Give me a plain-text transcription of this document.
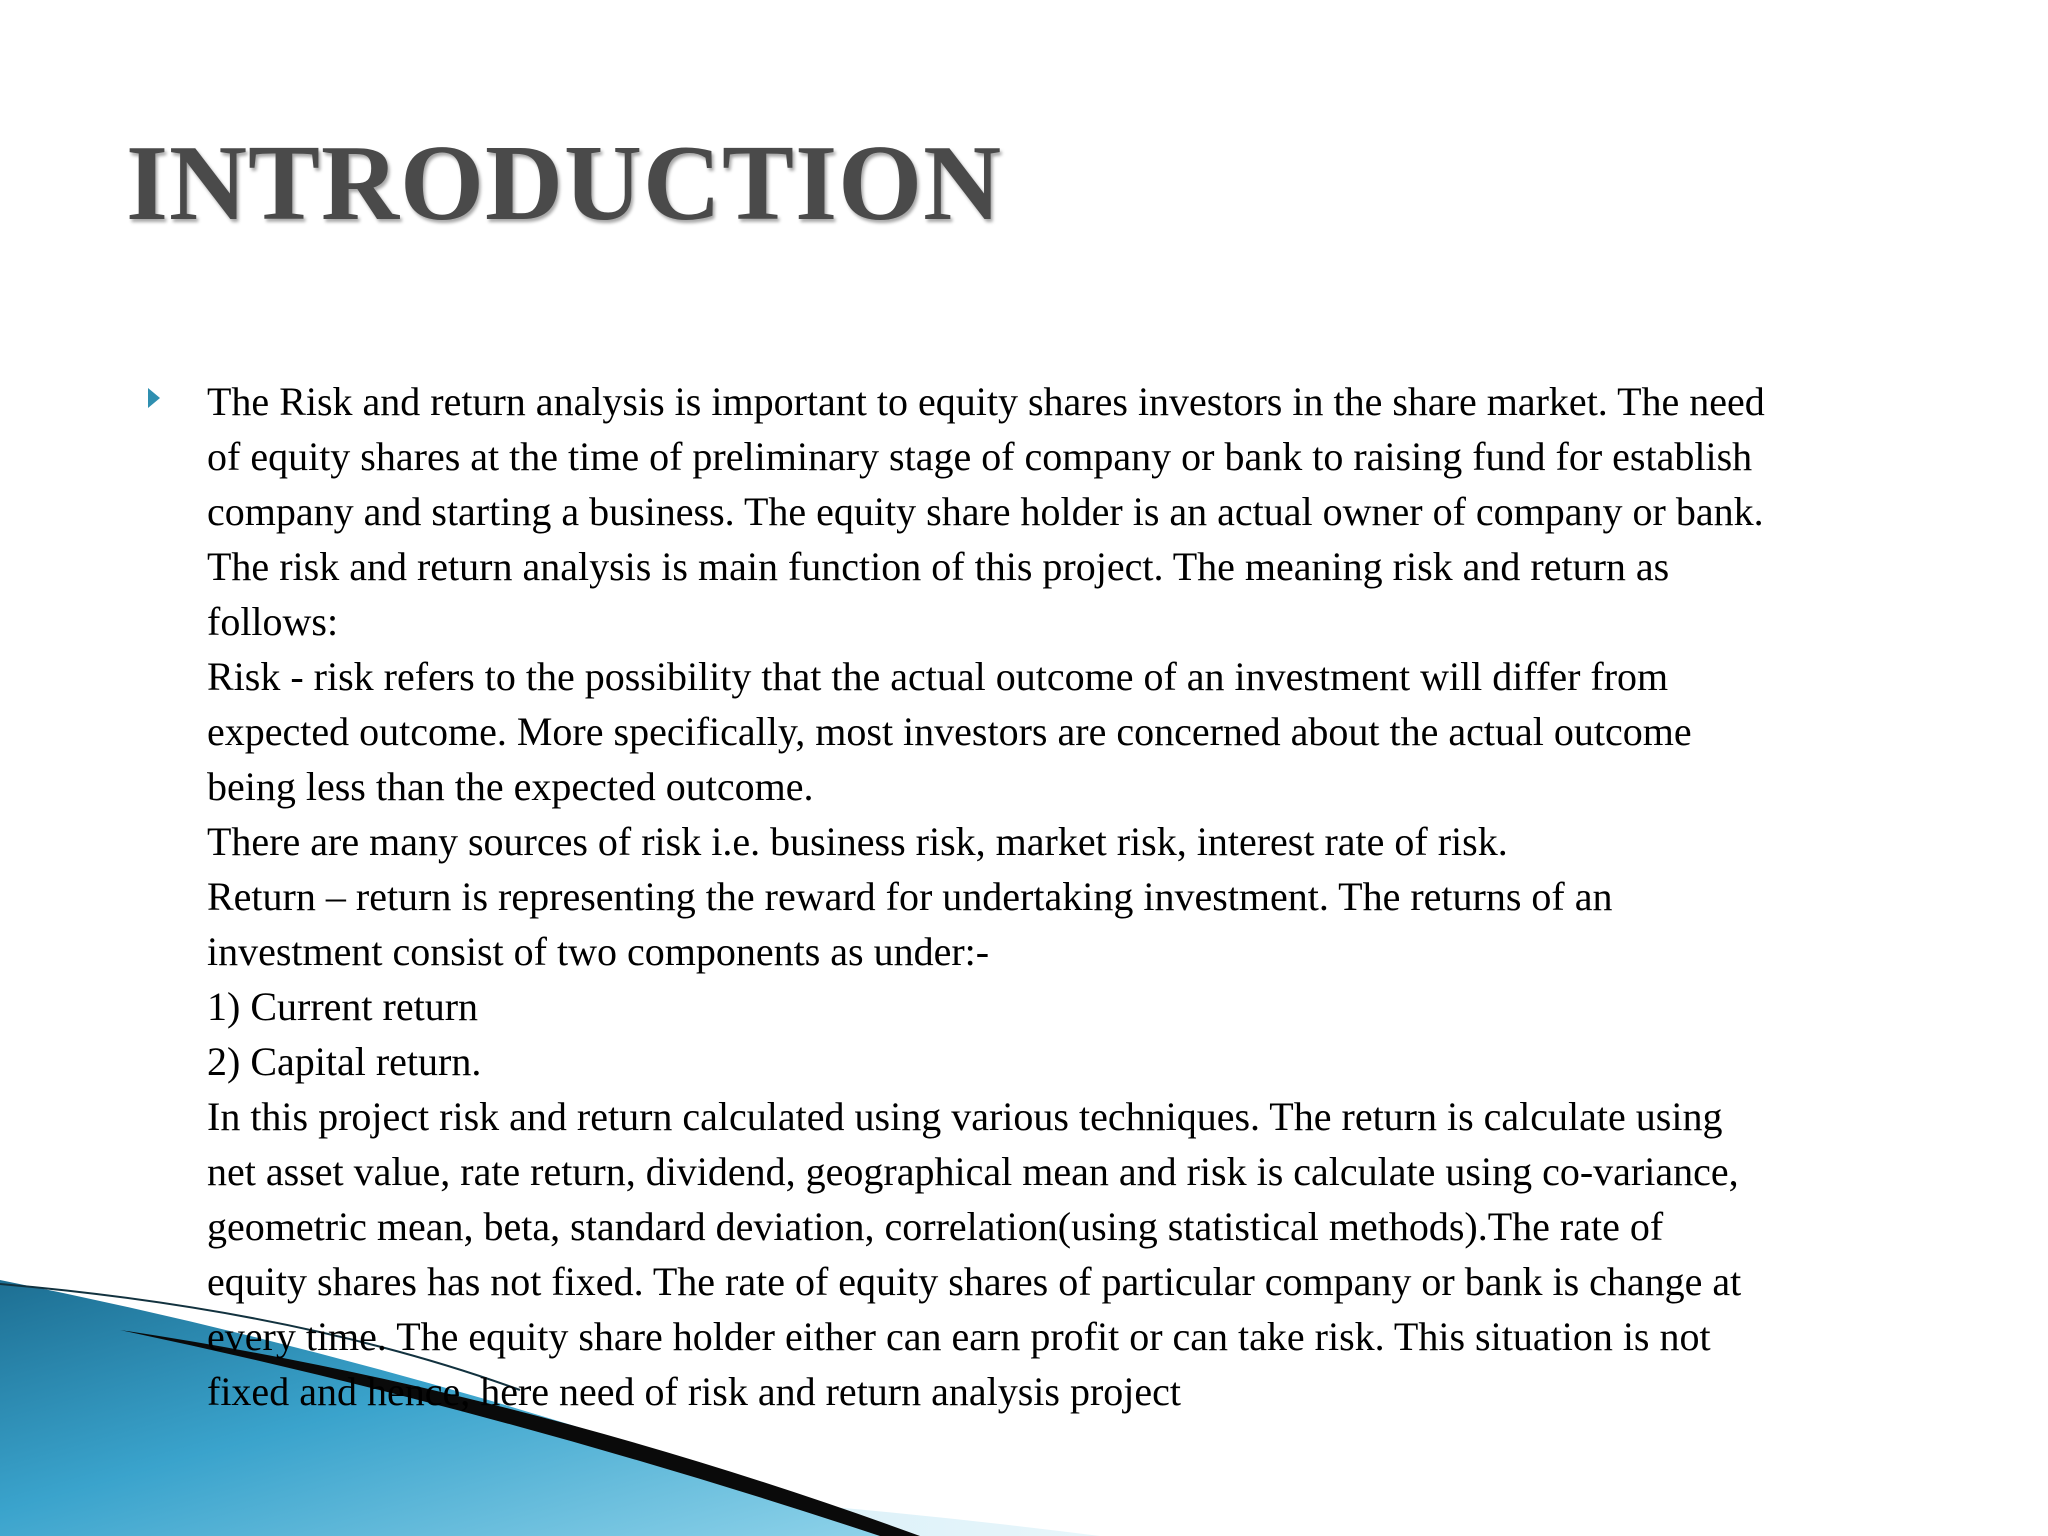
INTRODUCTION
The Risk and return analysis is important to equity shares investors in the share market. The need
of equity shares at the time of preliminary stage of company or bank to raising fund for establish
company and starting a business. The equity share holder is an actual owner of company or bank.
The risk and return analysis is main function of this project. The meaning risk and return as
follows:
Risk - risk refers to the possibility that the actual outcome of an investment will differ from
expected outcome. More specifically, most investors are concerned about the actual outcome
being less than the expected outcome.
There are many sources of risk i.e. business risk, market risk, interest rate of risk.
Return – return is representing the reward for undertaking investment. The returns of an
investment consist of two components as under:-
1) Current return
2) Capital return.
In this project risk and return calculated using various techniques. The return is calculate using
net asset value, rate return, dividend, geographical mean and risk is calculate using co-variance,
geometric mean, beta, standard deviation, correlation(using statistical methods).The rate of
equity shares has not fixed. The rate of equity shares of particular company or bank is change at
every time. The equity share holder either can earn profit or can take risk. This situation is not
fixed and hence, here need of risk and return analysis project
